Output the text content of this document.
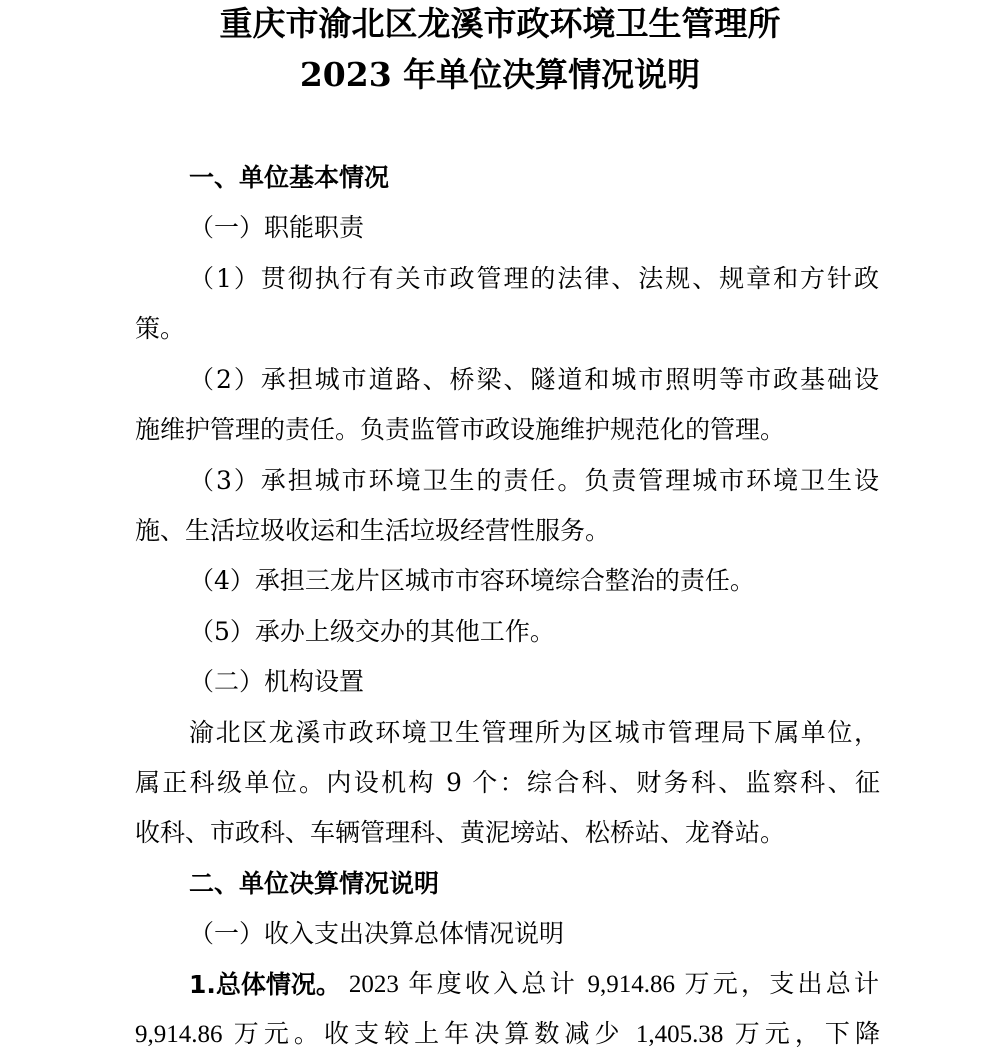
重庆市渝北区龙溪市政环境卫生管理所
2023 年单位决算情况说明

一、单位基本情况

（一）职能职责

（1）贯彻执行有关市政管理的法律、法规、规章和方针政

策。

（2）承担城市道路、桥梁、隧道和城市照明等市政基础设

施维护管理的责任。负责监管市政设施维护规范化的管理。

（3）承担城市环境卫生的责任。负责管理城市环境卫生设

施、生活垃圾收运和生活垃圾经营性服务。

（4）承担三龙片区城市市容环境综合整治的责任。

（5）承办上级交办的其他工作。

（二）机构设置

渝北区龙溪市政环境卫生管理所为区城市管理局下属单位，

属正科级单位。内设机构 9 个：综合科、财务科、监察科、征

收科、市政科、车辆管理科、黄泥塝站、松桥站、龙脊站。

二、单位决算情况说明

（一）收入支出决算总体情况说明

1.总体情况。 2023 年度收入总计 9,914.86 万元，支出总计

9,914.86 万元。收支较上年决算数减少 1,405.38 万元，下降
